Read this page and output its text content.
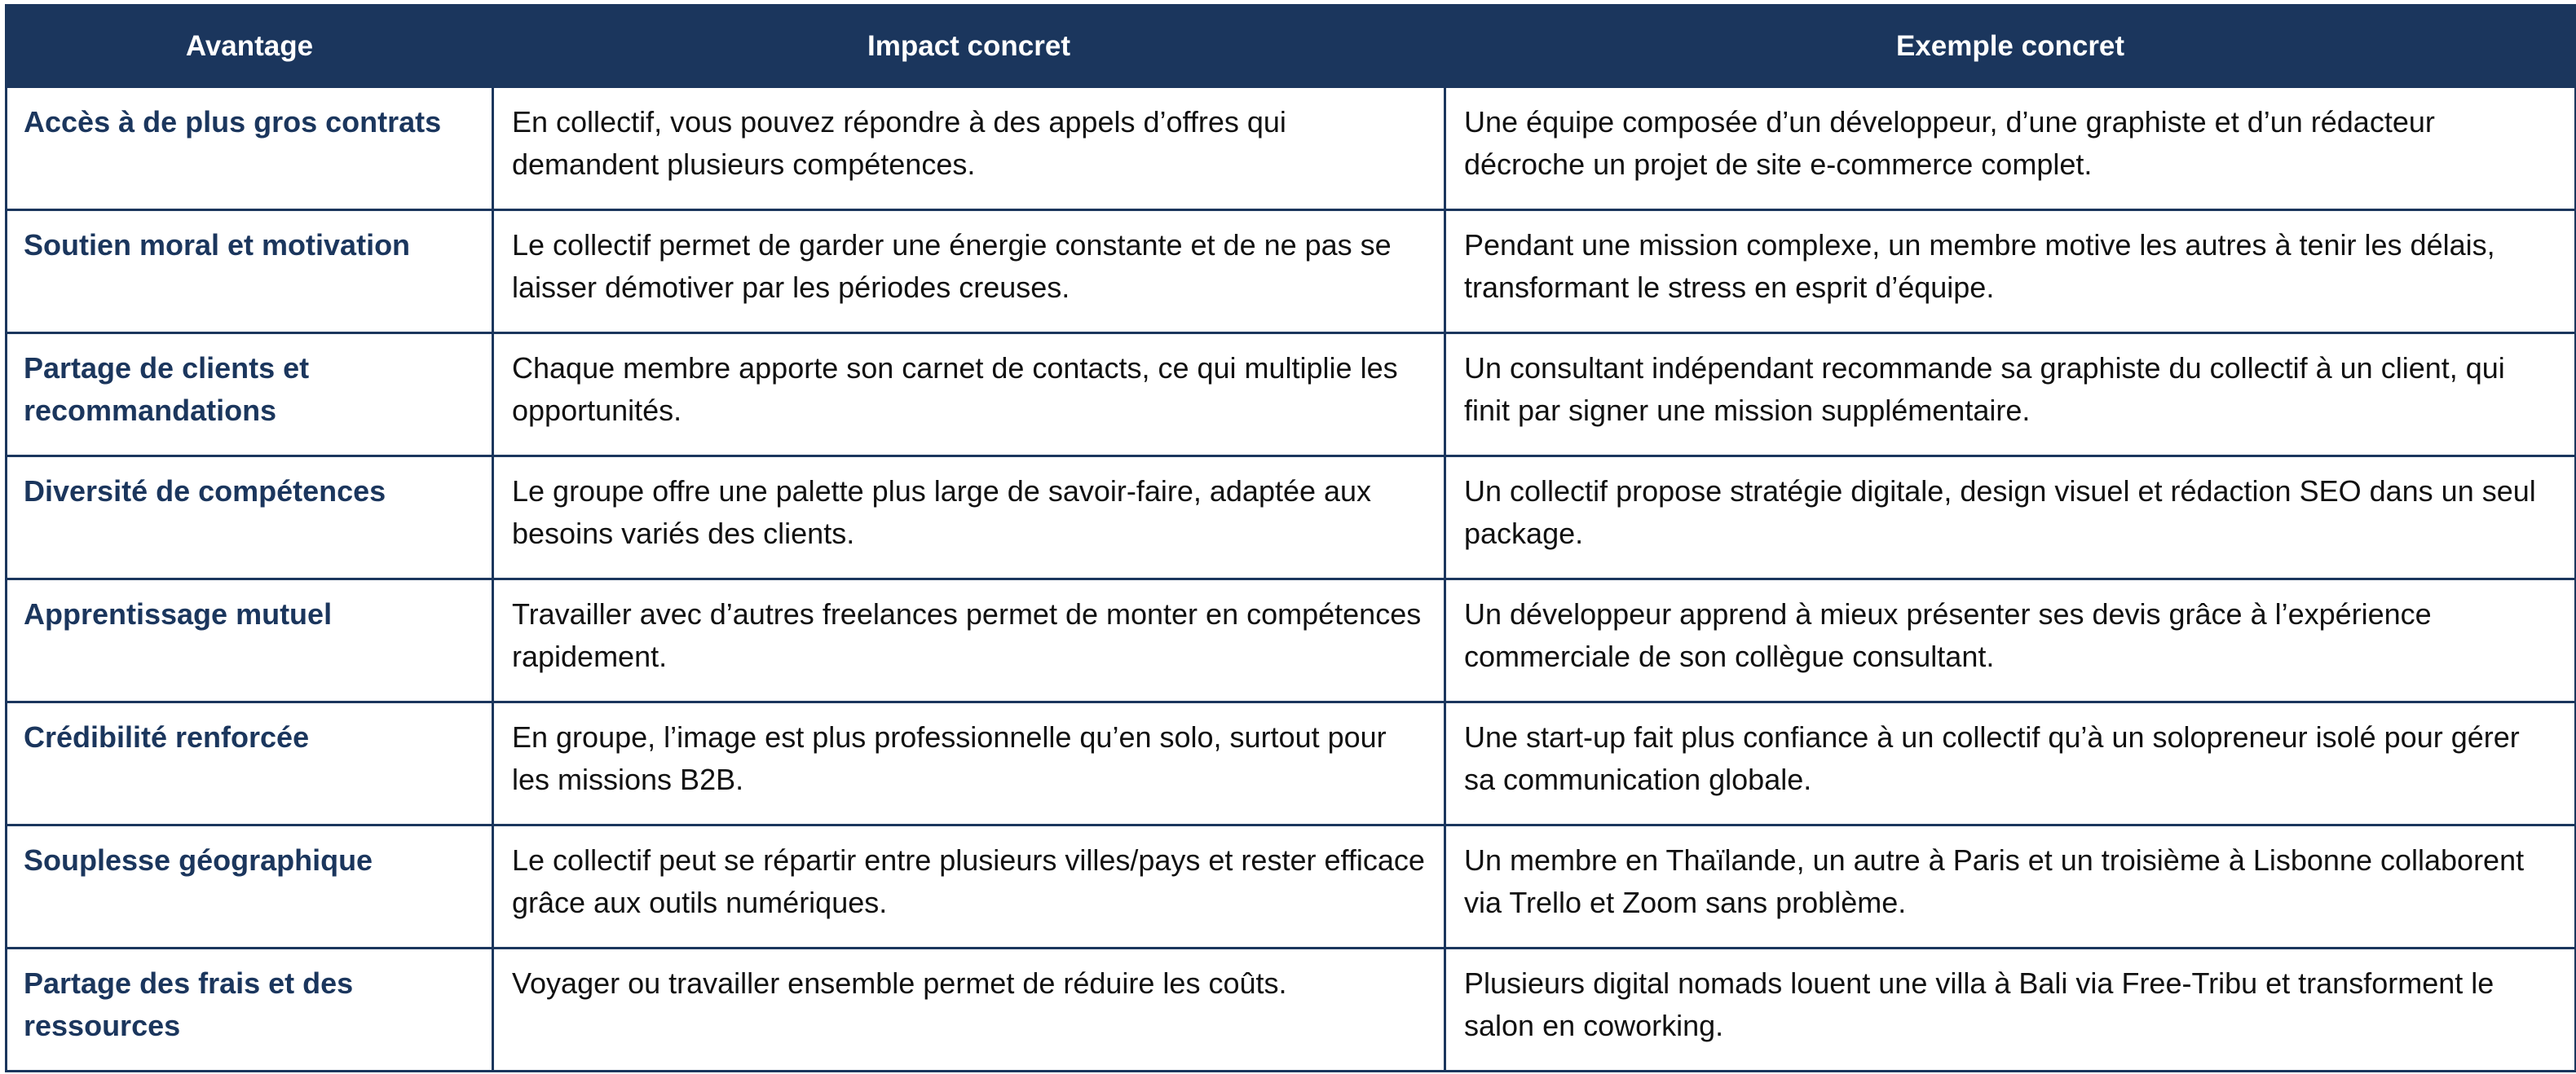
Avantage	Impact concret	Exemple concret
Accès à de plus gros contrats	En collectif, vous pouvez répondre à des appels d’offres qui demandent plusieurs compétences.	Une équipe composée d’un développeur, d’une graphiste et d’un rédacteur décroche un projet de site e-commerce complet.
Soutien moral et motivation	Le collectif permet de garder une énergie constante et de ne pas se laisser démotiver par les périodes creuses.	Pendant une mission complexe, un membre motive les autres à tenir les délais, transformant le stress en esprit d’équipe.
Partage de clients et recommandations	Chaque membre apporte son carnet de contacts, ce qui multiplie les opportunités.	Un consultant indépendant recommande sa graphiste du collectif à un client, qui finit par signer une mission supplémentaire.
Diversité de compétences	Le groupe offre une palette plus large de savoir-faire, adaptée aux besoins variés des clients.	Un collectif propose stratégie digitale, design visuel et rédaction SEO dans un seul package.
Apprentissage mutuel	Travailler avec d’autres freelances permet de monter en compétences rapidement.	Un développeur apprend à mieux présenter ses devis grâce à l’expérience commerciale de son collègue consultant.
Crédibilité renforcée	En groupe, l’image est plus professionnelle qu’en solo, surtout pour les missions B2B.	Une start-up fait plus confiance à un collectif qu’à un solopreneur isolé pour gérer sa communication globale.
Souplesse géographique	Le collectif peut se répartir entre plusieurs villes/pays et rester efficace grâce aux outils numériques.	Un membre en Thaïlande, un autre à Paris et un troisième à Lisbonne collaborent via Trello et Zoom sans problème.
Partage des frais et des ressources	Voyager ou travailler ensemble permet de réduire les coûts.	Plusieurs digital nomads louent une villa à Bali via Free-Tribu et transforment le salon en coworking.
